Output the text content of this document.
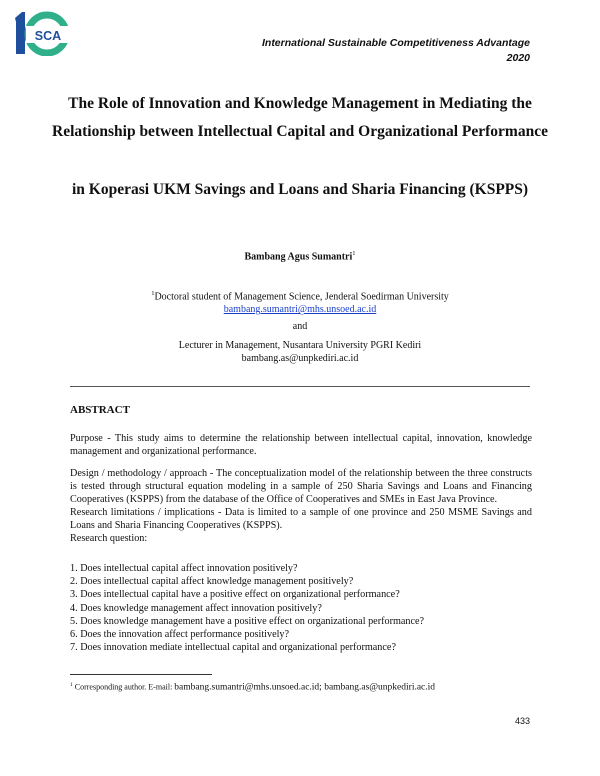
SCA	International Sustainable Competitiveness Advantage
2020
The Role of Innovation and Knowledge Management in Mediating the Relationship between Intellectual Capital and Organizational Performance
in Koperasi UKM Savings and Loans and Sharia Financing (KSPPS)
Bambang Agus Sumantri$^1$
$^1$Doctoral student of Management Science, Jenderal Soedirman University
bambang.sumantri@mhs.unsoed.ac.id
and
Lecturer in Management, Nusantara University PGRI Kediri
bambang.as@unpkediri.ac.id
ABSTRACT

Purpose - This study aims to determine the relationship between intellectual capital, innovation, knowledge management and organizational performance.

Design / methodology / approach - The conceptualization model of the relationship between the three constructs is tested through structural equation modeling in a sample of 250 Sharia Savings and Loans and Financing Cooperatives (KSPPS) from the database of the Office of Cooperatives and SMEs in East Java Province.

Research limitations / implications - Data is limited to a sample of one province and 250 MSME Savings and Loans and Sharia Financing Cooperatives (KSPPS).

Research question:

1. Does intellectual capital affect innovation positively?
2. Does intellectual capital affect knowledge management positively?
3. Does intellectual capital have a positive effect on organizational performance?
4. Does knowledge management affect innovation positively?
5. Does knowledge management have a positive effect on organizational performance?
6. Does the innovation affect performance positively?
7. Does innovation mediate intellectual capital and organizational performance?
$^1$ Corresponding author. E-mail: bambang.sumantri@mhs.unsoed.ac.id; bambang.as@unpkediri.ac.id
433
